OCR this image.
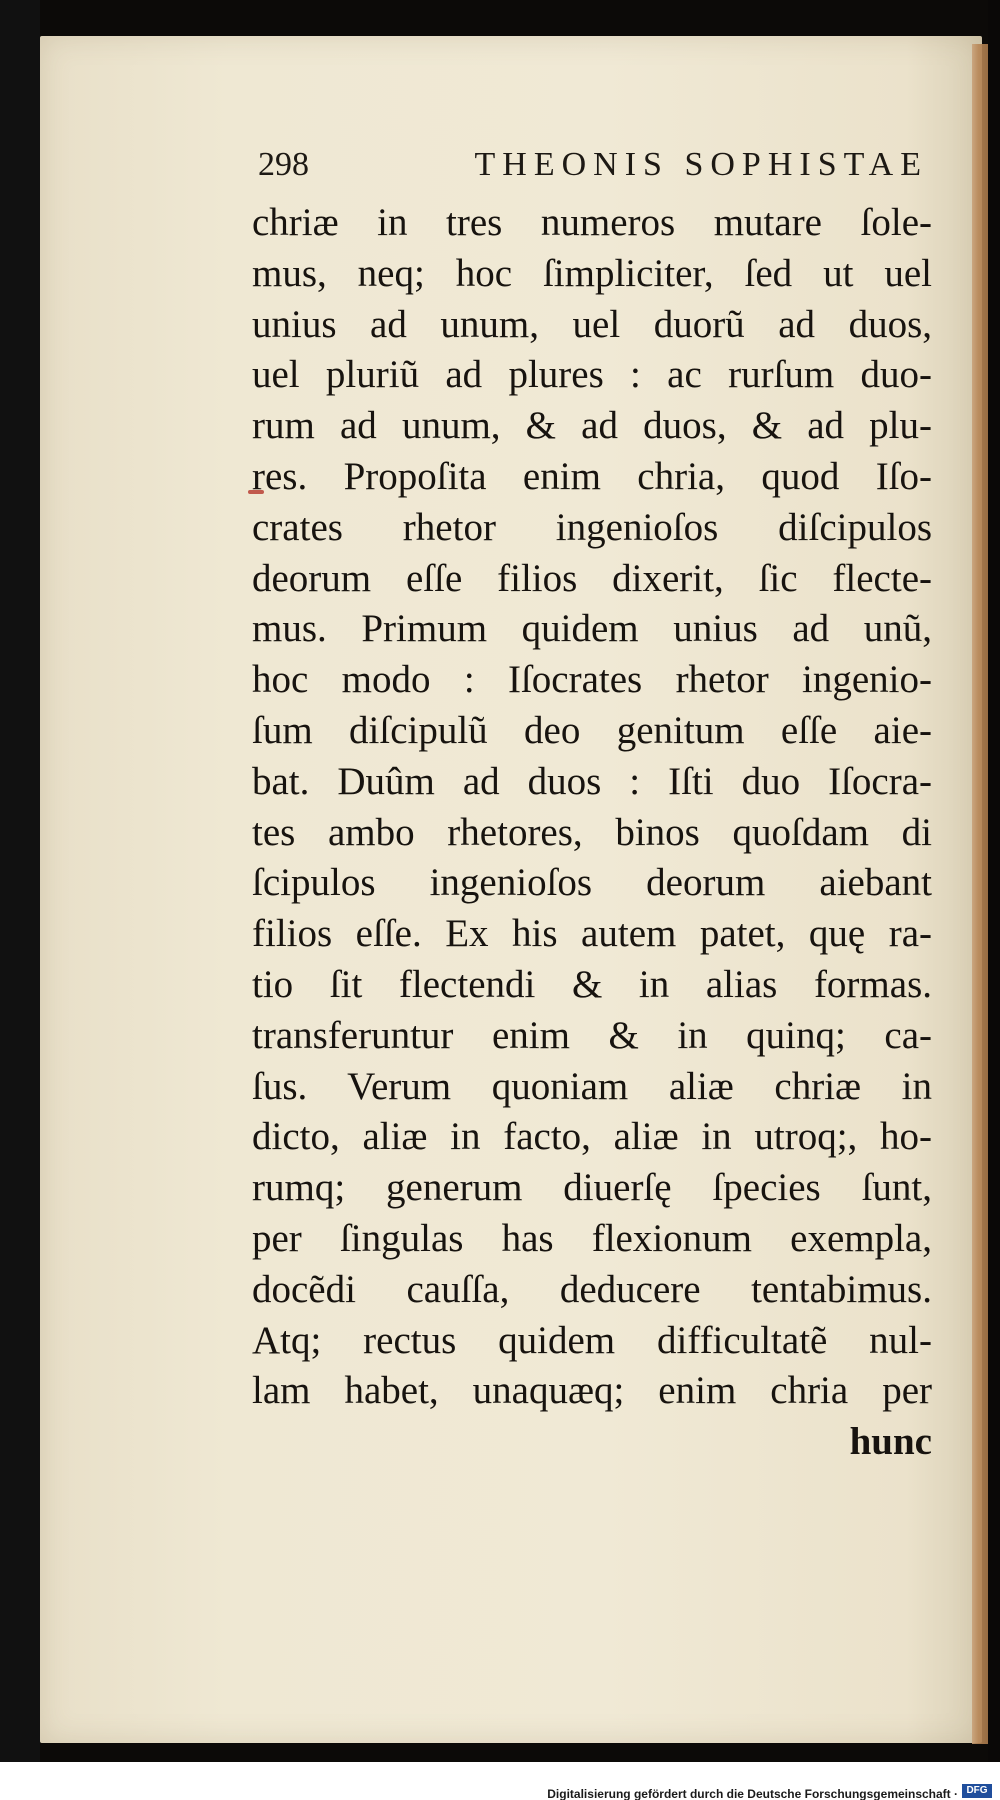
298	THEONIS SOPHISTAE
chriæ in tres numeros mutare ſole-
mus, neq; hoc ſimpliciter, ſed ut uel
unius ad unum, uel duorũ ad duos,
uel pluriũ ad plures : ac rurſum duo-
rum ad unum, & ad duos, & ad plu-
res. Propoſita enim chria, quod Iſo-
crates rhetor ingenioſos diſcipulos
deorum eſſe filios dixerit, ſic flecte-
mus. Primum quidem unius ad unũ,
hoc modo : Iſocrates rhetor ingenio-
ſum diſcipulũ deo genitum eſſe aie-
bat. Duûm ad duos : Iſti duo Iſocra-
tes ambo rhetores, binos quoſdam di
ſcipulos ingenioſos deorum aiebant
filios eſſe. Ex his autem patet, quę ra-
tio ſit flectendi & in alias formas.
transferuntur enim & in quinq; ca-
ſus. Verum quoniam aliæ chriæ in
dicto, aliæ in facto, aliæ in utroq;, ho-
rumq; generum diuerſę ſpecies ſunt,
per ſingulas has flexionum exempla,
docẽdi cauſſa, deducere tentabimus.
Atq; rectus quidem difficultatẽ nul-
lam habet, unaquæq; enim chria per
hunc
Digitalisierung gefördert durch die Deutsche Forschungsgemeinschaft · DFG
